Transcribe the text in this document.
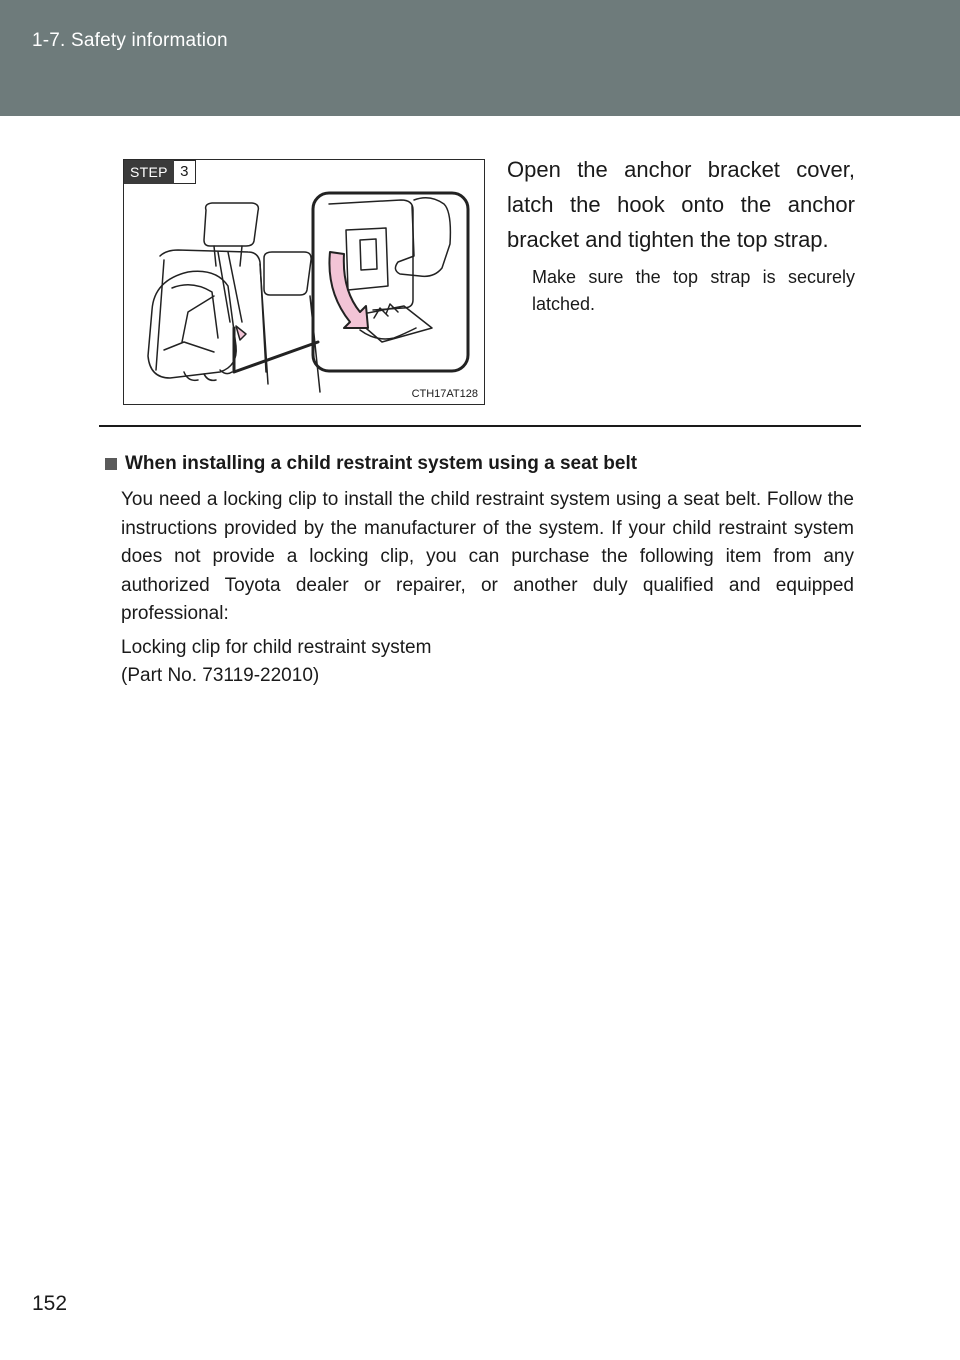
1-7. Safety information
STEP 3
CTH17AT128
Open the anchor bracket cover, latch the hook onto the anchor bracket and tighten the top strap.
Make sure the top strap is securely latched.
When installing a child restraint system using a seat belt
You need a locking clip to install the child restraint system using a seat belt. Follow the instructions provided by the manufacturer of the system. If your child restraint system does not provide a locking clip, you can purchase the following item from any authorized Toyota dealer or repairer, or another duly qualified and equipped professional:
Locking clip for child restraint system
(Part No. 73119-22010)
152
